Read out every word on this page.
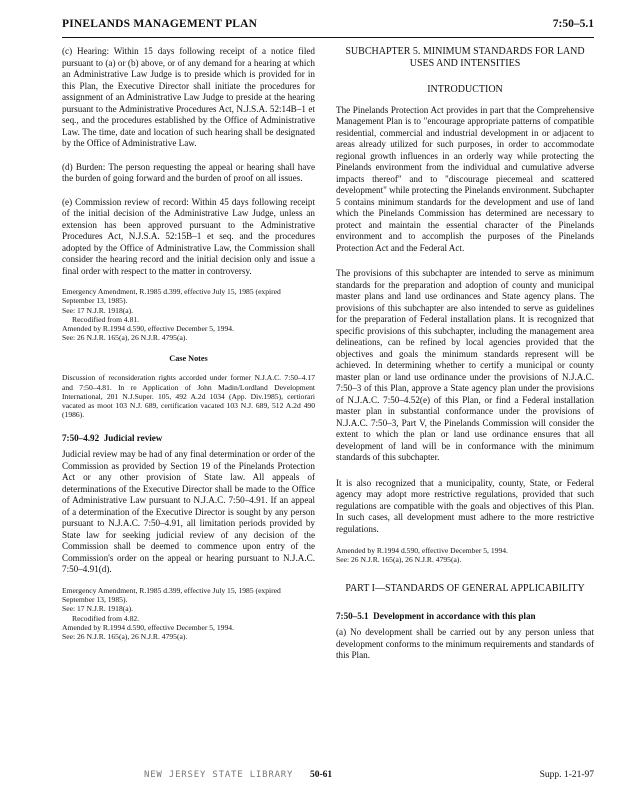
PINELANDS MANAGEMENT PLAN	7:50–5.1

(c) Hearing: Within 15 days following receipt of a notice filed pursuant to (a) or (b) above, or of any demand for a hearing at which an Administrative Law Judge is to preside which is provided for in this Plan, the Executive Director shall initiate the procedures for assignment of an Administrative Law Judge to preside at the hearing pursuant to the Administrative Procedures Act, N.J.S.A. 52:14B–1 et seq., and the procedures established by the Office of Administrative Law. The time, date and location of such hearing shall be designated by the Office of Administrative Law.

(d) Burden: The person requesting the appeal or hearing shall have the burden of going forward and the burden of proof on all issues.

(e) Commission review of record: Within 45 days following receipt of the initial decision of the Administrative Law Judge, unless an extension has been approved pursuant to the Administrative Procedures Act, N.J.S.A. 52:15B–1 et seq. and the procedures adopted by the Office of Administrative Law, the Commission shall consider the hearing record and the initial decision only and issue a final order with respect to the matter in controversy.

Emergency Amendment, R.1985 d.399, effective July 15, 1985 (expired September 13, 1985).
See: 17 N.J.R. 1918(a).

Recodified from 4.81.
Amended by R.1994 d.590, effective December 5, 1994.
See: 26 N.J.R. 165(a), 26 N.J.R. 4795(a).

Case Notes

Discussion of reconsideration rights accorded under former N.J.A.C. 7:50–4.17 and 7:50–4.81. In re Application of John Madin/Lordland Development International, 201 N.J.Super. 105, 492 A.2d 1034 (App. Div.1985), certiorari vacated as moot 103 N.J. 689, certification vacated 103 N.J. 689, 512 A.2d 490 (1986).

7:50–4.92 Judicial review

Judicial review may be had of any final determination or order of the Commission as provided by Section 19 of the Pinelands Protection Act or any other provision of State law. All appeals of determinations of the Executive Director shall be made to the Office of Administrative Law pursuant to N.J.A.C. 7:50–4.91. If an appeal of a determination of the Executive Director is sought by any person pursuant to N.J.A.C. 7:50–4.91, all limitation periods provided by State law for seeking judicial review of any decision of the Commission shall be deemed to commence upon entry of the Commission's order on the appeal or hearing pursuant to N.J.A.C. 7:50–4.91(d).

Emergency Amendment, R.1985 d.399, effective July 15, 1985 (expired September 13, 1985).
See: 17 N.J.R. 1918(a).

Recodified from 4.82.
Amended by R.1994 d.590, effective December 5, 1994.
See: 26 N.J.R. 165(a), 26 N.J.R. 4795(a).

SUBCHAPTER 5. MINIMUM STANDARDS FOR LAND USES AND INTENSITIES

INTRODUCTION

The Pinelands Protection Act provides in part that the Comprehensive Management Plan is to "encourage appropriate patterns of compatible residential, commercial and industrial development in or adjacent to areas already utilized for such purposes, in order to accommodate regional growth influences in an orderly way while protecting the Pinelands environment from the individual and cumulative adverse impacts thereof" and to "discourage piecemeal and scattered development" while protecting the Pinelands environment. Subchapter 5 contains minimum standards for the development and use of land which the Pinelands Commission has determined are necessary to protect and maintain the essential character of the Pinelands environment and to accomplish the purposes of the Pinelands Protection Act and the Federal Act.

The provisions of this subchapter are intended to serve as minimum standards for the preparation and adoption of county and municipal master plans and land use ordinances and State agency plans. The provisions of this subchapter are also intended to serve as guidelines for the preparation of Federal installation plans. It is recognized that specific provisions of this subchapter, including the management area delineations, can be refined by local agencies provided that the objectives and goals the minimum standards represent will be achieved. In determining whether to certify a municipal or county master plan or land use ordinance under the provisions of N.J.A.C. 7:50–3 of this Plan, approve a State agency plan under the provisions of N.J.A.C. 7:50–4.52(e) of this Plan, or find a Federal installation master plan in substantial conformance under the provisions of N.J.A.C. 7:50–3, Part V, the Pinelands Commission will consider the extent to which the plan or land use ordinance ensures that all development of land will be in conformance with the minimum standards of this subchapter.

It is also recognized that a municipality, county, State, or Federal agency may adopt more restrictive regulations, provided that such regulations are compatible with the goals and objectives of this Plan. In such cases, all development must adhere to the more restrictive regulations.

Amended by R.1994 d.590, effective December 5, 1994.
See: 26 N.J.R. 165(a), 26 N.J.R. 4795(a).

PART I—STANDARDS OF GENERAL APPLICABILITY

7:50–5.1 Development in accordance with this plan

(a) No development shall be carried out by any person unless that development conforms to the minimum requirements and standards of this Plan.

NEW JERSEY STATE LIBRARY 50-61	Supp. 1-21-97
